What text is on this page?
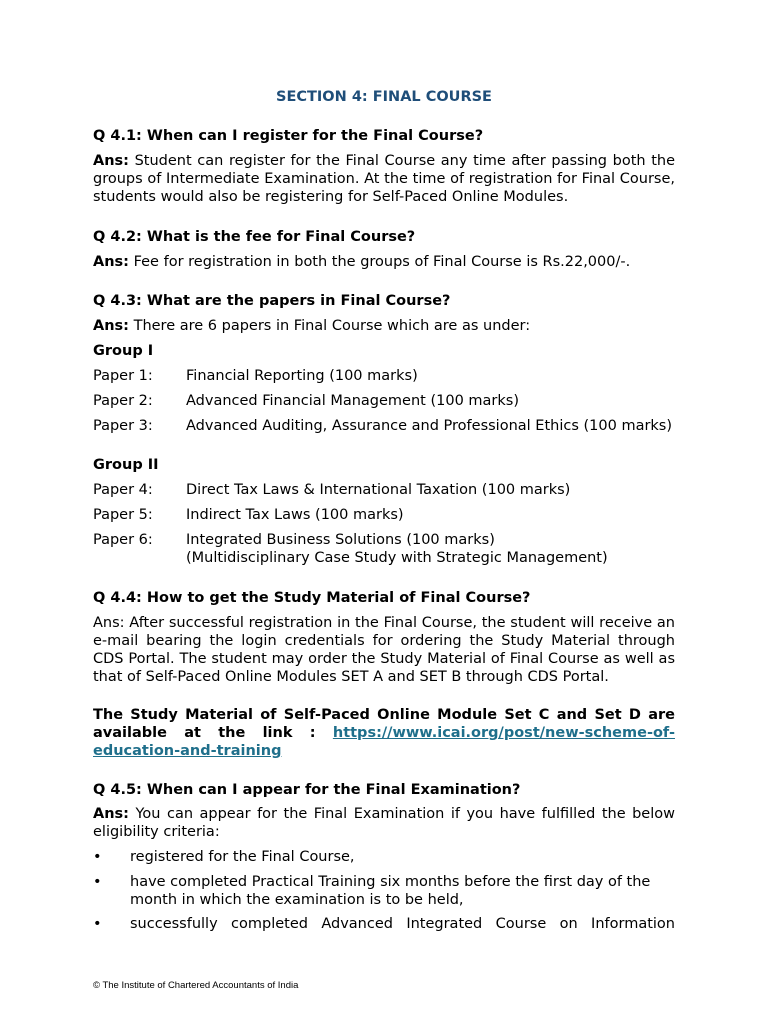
SECTION 4: FINAL COURSE
Q 4.1: When can I register for the Final Course?
Ans: Student can register for the Final Course any time after passing both the groups of Intermediate Examination. At the time of registration for Final Course, students would also be registering for Self-Paced Online Modules.
Q 4.2: What is the fee for Final Course?
Ans: Fee for registration in both the groups of Final Course is Rs.22,000/-.
Q 4.3: What are the papers in Final Course?
Ans: There are 6 papers in Final Course which are as under:
Group I
Paper 1: Financial Reporting (100 marks)
Paper 2: Advanced Financial Management (100 marks)
Paper 3: Advanced Auditing, Assurance and Professional Ethics (100 marks)
Group II
Paper 4: Direct Tax Laws & International Taxation (100 marks)
Paper 5: Indirect Tax Laws (100 marks)
Paper 6: Integrated Business Solutions (100 marks)
(Multidisciplinary Case Study with Strategic Management)
Q 4.4: How to get the Study Material of Final Course?
Ans: After successful registration in the Final Course, the student will receive an e-mail bearing the login credentials for ordering the Study Material through CDS Portal. The student may order the Study Material of Final Course as well as that of Self-Paced Online Modules SET A and SET B through CDS Portal.
The Study Material of Self-Paced Online Module Set C and Set D are available at the link : https://www.icai.org/post/new-scheme-of-education-and-training
Q 4.5: When can I appear for the Final Examination?
Ans: You can appear for the Final Examination if you have fulfilled the below eligibility criteria:
• registered for the Final Course,
• have completed Practical Training six months before the first day of the month in which the examination is to be held,
• successfully completed Advanced Integrated Course on Information
© The Institute of Chartered Accountants of India
